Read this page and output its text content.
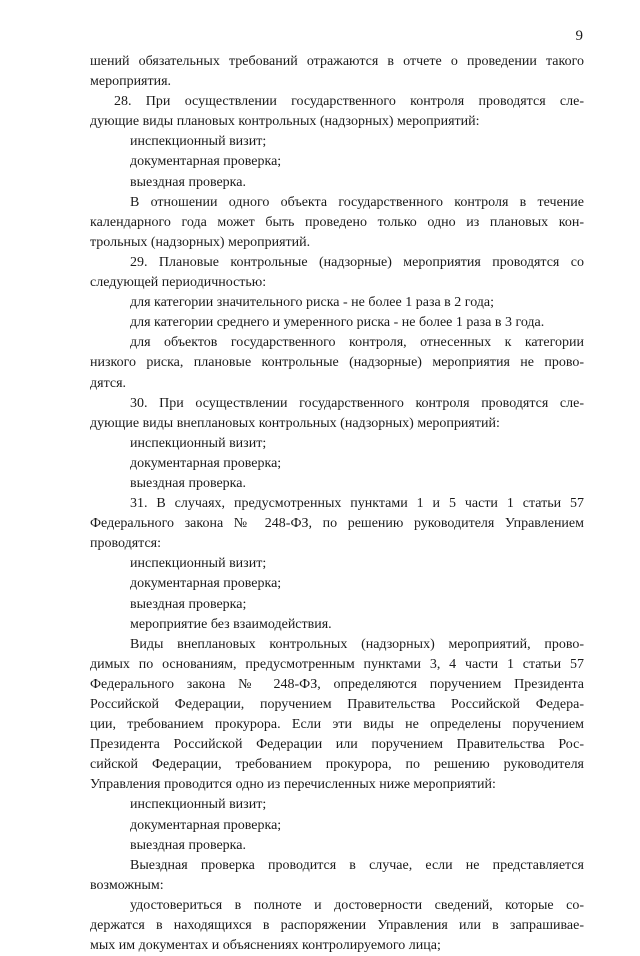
9
шений обязательных требований отражаются в отчете о проведении такого
мероприятия.
28. При осуществлении государственного контроля проводятся сле-
дующие виды плановых контрольных (надзорных) мероприятий:
инспекционный визит;
документарная проверка;
выездная проверка.
В отношении одного объекта государственного контроля в течение
календарного года может быть проведено только одно из плановых кон-
трольных (надзорных) мероприятий.
29. Плановые контрольные (надзорные) мероприятия проводятся со
следующей периодичностью:
для категории значительного риска - не более 1 раза в 2 года;
для категории среднего и умеренного риска - не более 1 раза в 3 года.
для объектов государственного контроля, отнесенных к категории
низкого риска, плановые контрольные (надзорные) мероприятия не прово-
дятся.
30. При осуществлении государственного контроля проводятся сле-
дующие виды внеплановых контрольных (надзорных) мероприятий:
инспекционный визит;
документарная проверка;
выездная проверка.
31. В случаях, предусмотренных пунктами 1 и 5 части 1 статьи 57
Федерального закона № 248-ФЗ, по решению руководителя Управлением
проводятся:
инспекционный визит;
документарная проверка;
выездная проверка;
мероприятие без взаимодействия.
Виды внеплановых контрольных (надзорных) мероприятий, прово-
димых по основаниям, предусмотренным пунктами 3, 4 части 1 статьи 57
Федерального закона № 248-ФЗ, определяются поручением Президента
Российской Федерации, поручением Правительства Российской Федера-
ции, требованием прокурора. Если эти виды не определены поручением
Президента Российской Федерации или поручением Правительства Рос-
сийской Федерации, требованием прокурора, по решению руководителя
Управления проводится одно из перечисленных ниже мероприятий:
инспекционный визит;
документарная проверка;
выездная проверка.
Выездная проверка проводится в случае, если не представляется
возможным:
удостовериться в полноте и достоверности сведений, которые со-
держатся в находящихся в распоряжении Управления или в запрашивае-
мых им документах и объяснениях контролируемого лица;
